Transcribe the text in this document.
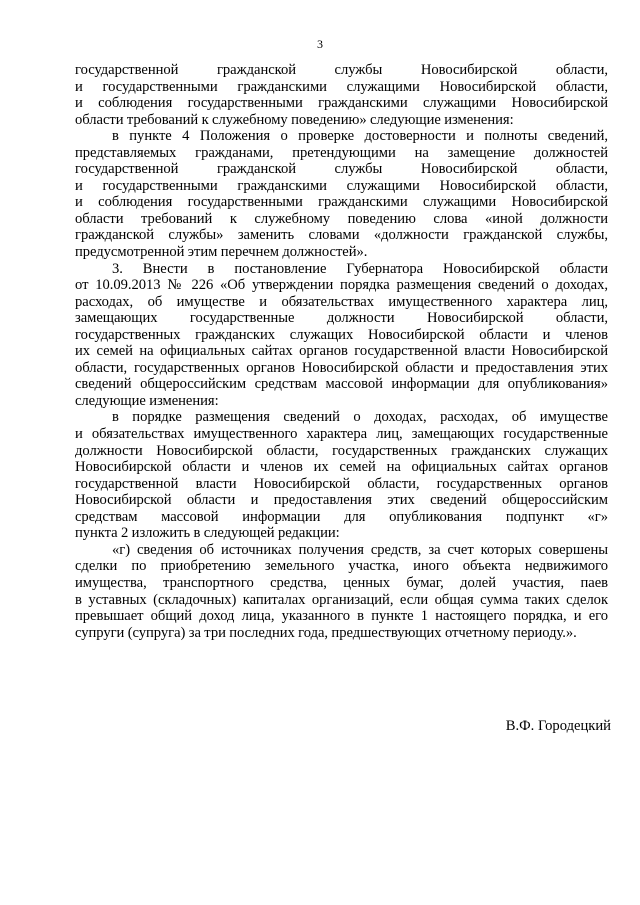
3
государственной гражданской службы Новосибирской области,
и государственными гражданскими служащими Новосибирской области,
и соблюдения государственными гражданскими служащими Новосибирской
области требований к служебному поведению» следующие изменения:
в пункте 4 Положения о проверке достоверности и полноты сведений,
представляемых гражданами, претендующими на замещение должностей
государственной гражданской службы Новосибирской области,
и государственными гражданскими служащими Новосибирской области,
и соблюдения государственными гражданскими служащими Новосибирской
области требований к служебному поведению слова «иной должности
гражданской службы» заменить словами «должности гражданской службы,
предусмотренной этим перечнем должностей».
3. Внести в постановление Губернатора Новосибирской области
от 10.09.2013 № 226 «Об утверждении порядка размещения сведений о доходах,
расходах, об имуществе и обязательствах имущественного характера лиц,
замещающих государственные должности Новосибирской области,
государственных гражданских служащих Новосибирской области и членов
их семей на официальных сайтах органов государственной власти Новосибирской
области, государственных органов Новосибирской области и предоставления этих
сведений общероссийским средствам массовой информации для опубликования»
следующие изменения:
в порядке размещения сведений о доходах, расходах, об имуществе
и обязательствах имущественного характера лиц, замещающих государственные
должности Новосибирской области, государственных гражданских служащих
Новосибирской области и членов их семей на официальных сайтах органов
государственной власти Новосибирской области, государственных органов
Новосибирской области и предоставления этих сведений общероссийским
средствам массовой информации для опубликования подпункт «г»
пункта 2 изложить в следующей редакции:
«г) сведения об источниках получения средств, за счет которых совершены
сделки по приобретению земельного участка, иного объекта недвижимого
имущества, транспортного средства, ценных бумаг, долей участия, паев
в уставных (складочных) капиталах организаций, если общая сумма таких сделок
превышает общий доход лица, указанного в пункте 1 настоящего порядка, и его
супруги (супруга) за три последних года, предшествующих отчетному периоду.».
В.Ф. Городецкий
